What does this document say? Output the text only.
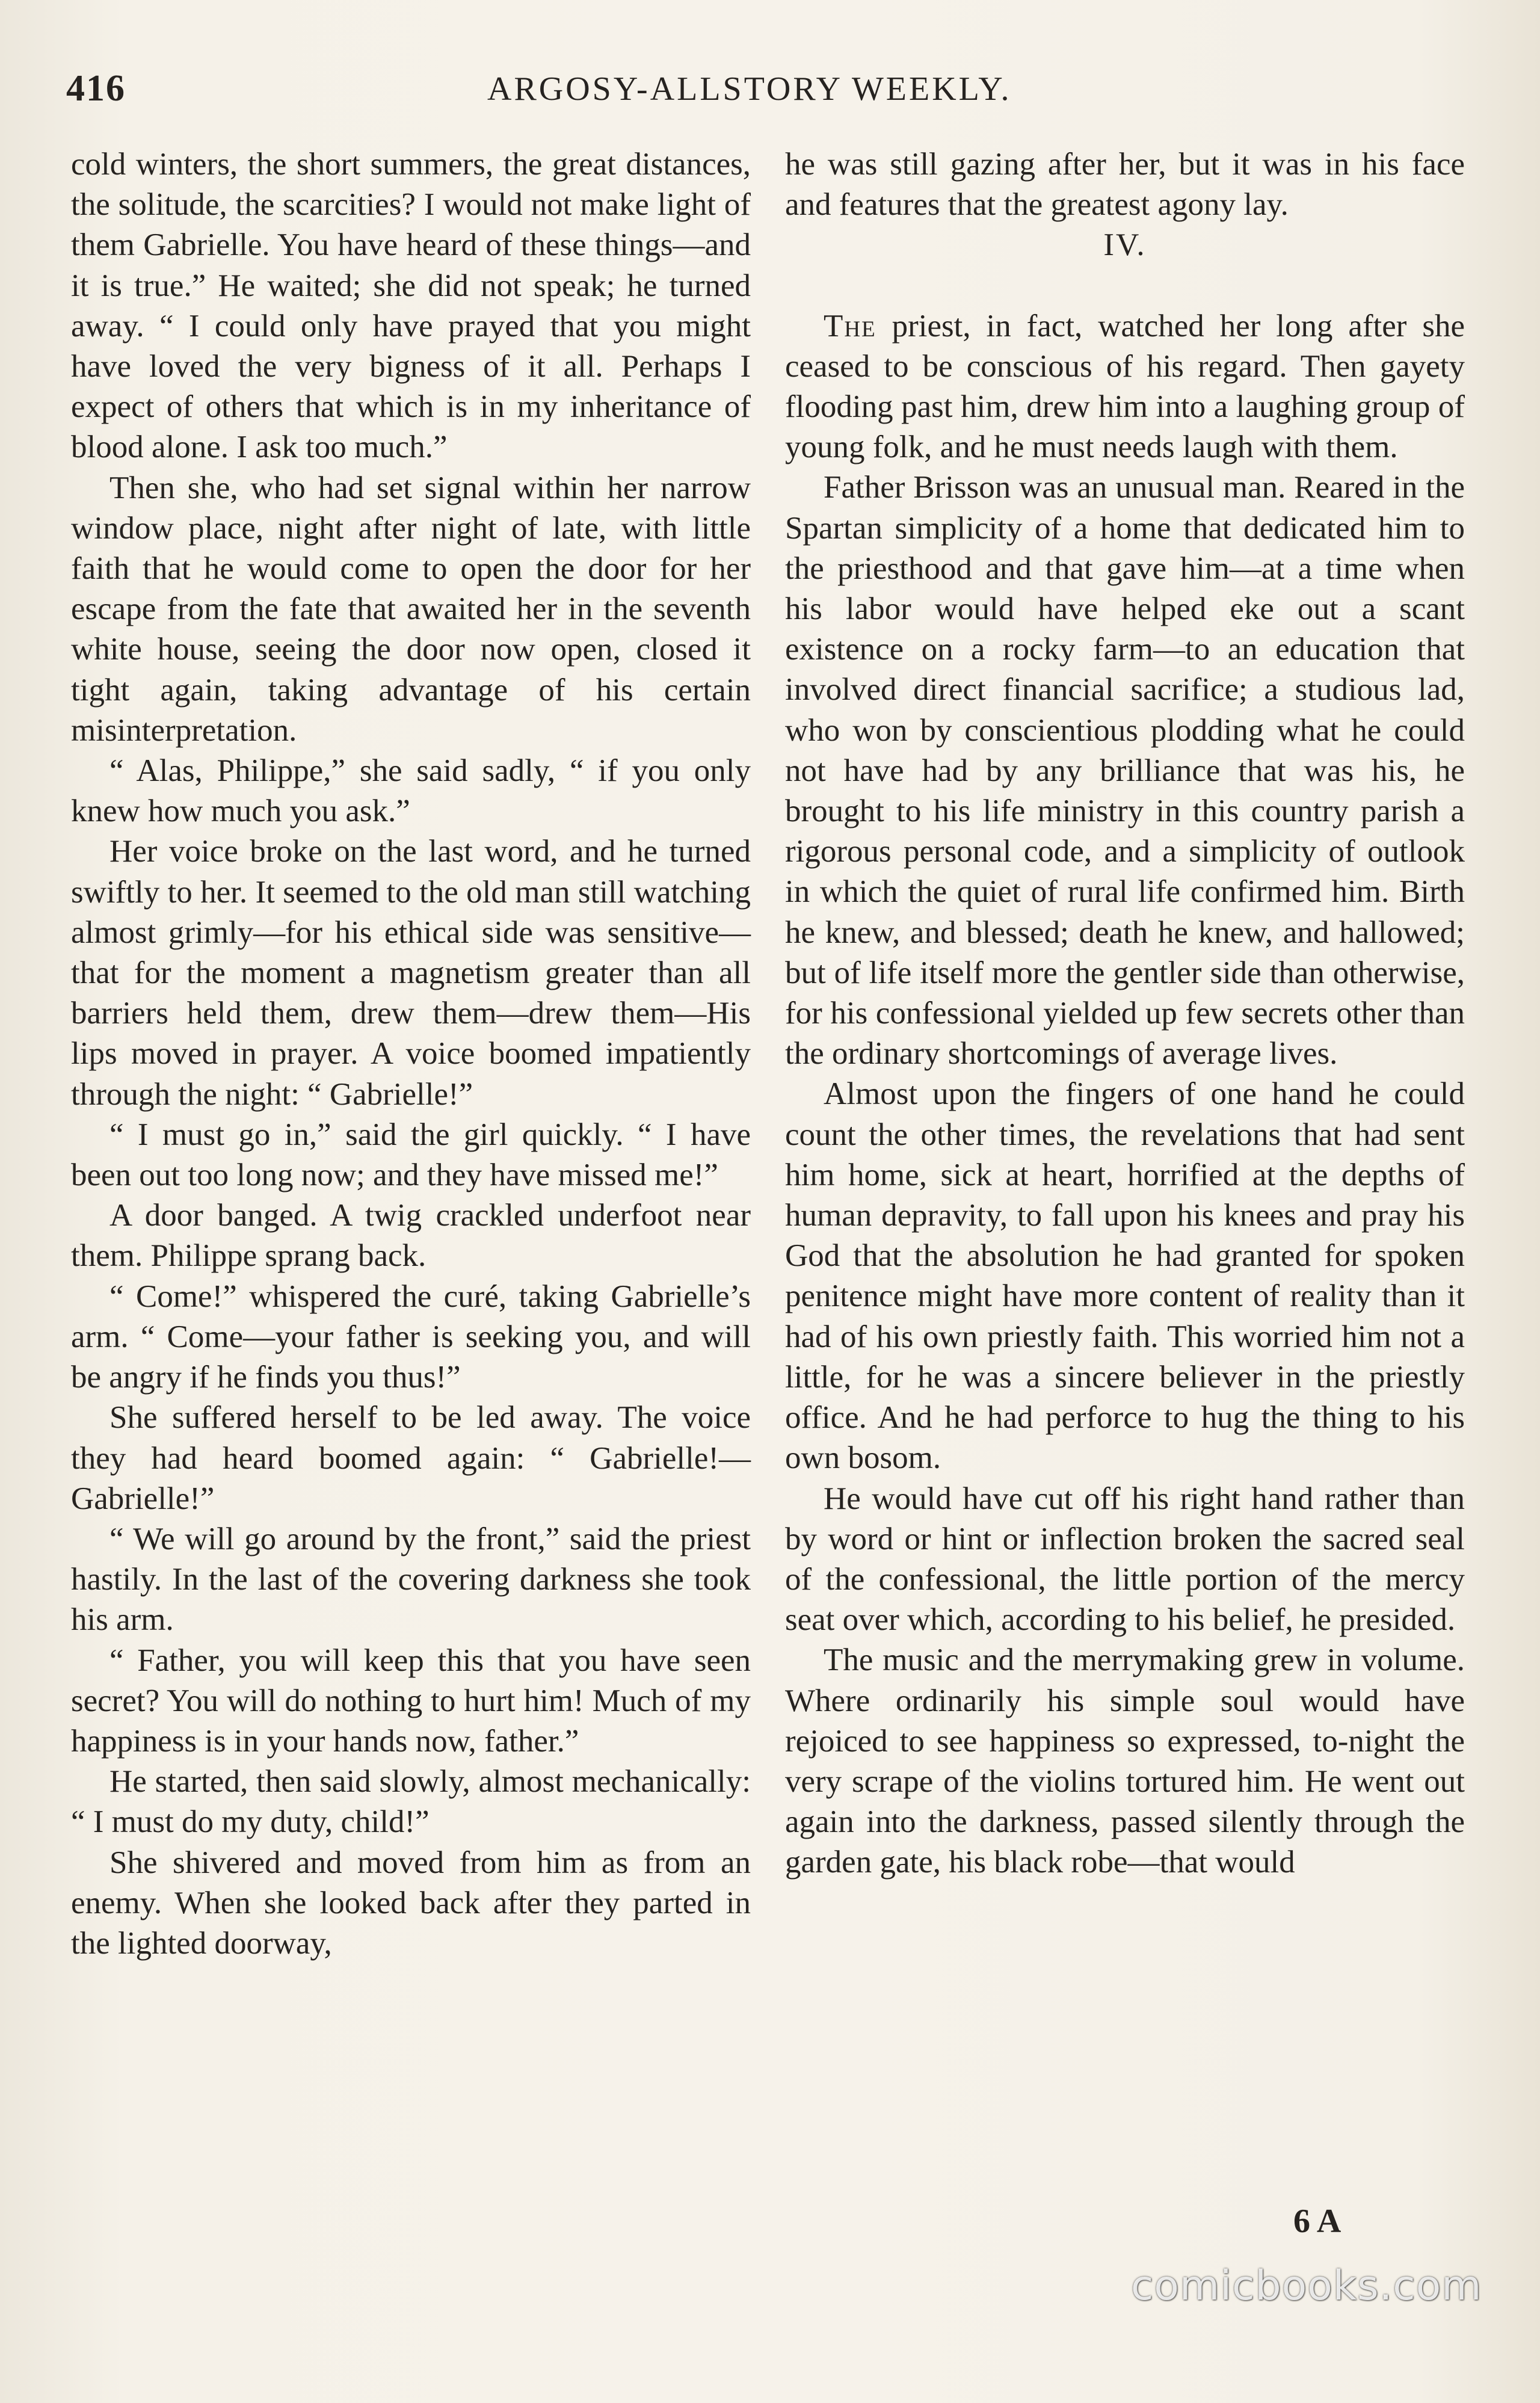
416	ARGOSY-ALLSTORY WEEKLY.

cold winters, the short summers, the great distances, the solitude, the scarcities? I would not make light of them Gabrielle. You have heard of these things—and it is true.” He waited; she did not speak; he turned away. “ I could only have prayed that you might have loved the very bigness of it all. Perhaps I expect of others that which is in my inheritance of blood alone. I ask too much.”

Then she, who had set signal within her narrow window place, night after night of late, with little faith that he would come to open the door for her escape from the fate that awaited her in the seventh white house, seeing the door now open, closed it tight again, taking advantage of his certain misinterpretation.

“ Alas, Philippe,” she said sadly, “ if you only knew how much you ask.”

Her voice broke on the last word, and he turned swiftly to her. It seemed to the old man still watching almost grimly—for his ethical side was sensitive—that for the moment a magnetism greater than all barriers held them, drew them—drew them—His lips moved in prayer. A voice boomed impatiently through the night: “ Gabrielle!”

“ I must go in,” said the girl quickly. “ I have been out too long now; and they have missed me!”

A door banged. A twig crackled underfoot near them. Philippe sprang back.

“ Come!” whispered the curé, taking Gabrielle’s arm. “ Come—your father is seeking you, and will be angry if he finds you thus!”

She suffered herself to be led away. The voice they had heard boomed again: “ Gabrielle!—Gabrielle!”

“ We will go around by the front,” said the priest hastily. In the last of the covering darkness she took his arm.

“ Father, you will keep this that you have seen secret? You will do nothing to hurt him! Much of my happiness is in your hands now, father.”

He started, then said slowly, almost mechanically: “ I must do my duty, child!”

She shivered and moved from him as from an enemy. When she looked back after they parted in the lighted doorway,

he was still gazing after her, but it was in his face and features that the greatest agony lay.

IV.

The priest, in fact, watched her long after she ceased to be conscious of his regard. Then gayety flooding past him, drew him into a laughing group of young folk, and he must needs laugh with them.

Father Brisson was an unusual man. Reared in the Spartan simplicity of a home that dedicated him to the priesthood and that gave him—at a time when his labor would have helped eke out a scant existence on a rocky farm—to an education that involved direct financial sacrifice; a studious lad, who won by conscientious plodding what he could not have had by any brilliance that was his, he brought to his life ministry in this country parish a rigorous personal code, and a simplicity of outlook in which the quiet of rural life confirmed him. Birth he knew, and blessed; death he knew, and hallowed; but of life itself more the gentler side than otherwise, for his confessional yielded up few secrets other than the ordinary shortcomings of average lives.

Almost upon the fingers of one hand he could count the other times, the revelations that had sent him home, sick at heart, horrified at the depths of human depravity, to fall upon his knees and pray his God that the absolution he had granted for spoken penitence might have more content of reality than it had of his own priestly faith. This worried him not a little, for he was a sincere believer in the priestly office. And he had perforce to hug the thing to his own bosom.

He would have cut off his right hand rather than by word or hint or inflection broken the sacred seal of the confessional, the little portion of the mercy seat over which, according to his belief, he presided.

The music and the merrymaking grew in volume. Where ordinarily his simple soul would have rejoiced to see happiness so expressed, to-night the very scrape of the violins tortured him. He went out again into the darkness, passed silently through the garden gate, his black robe—that would

6 A
comicbooks.com
